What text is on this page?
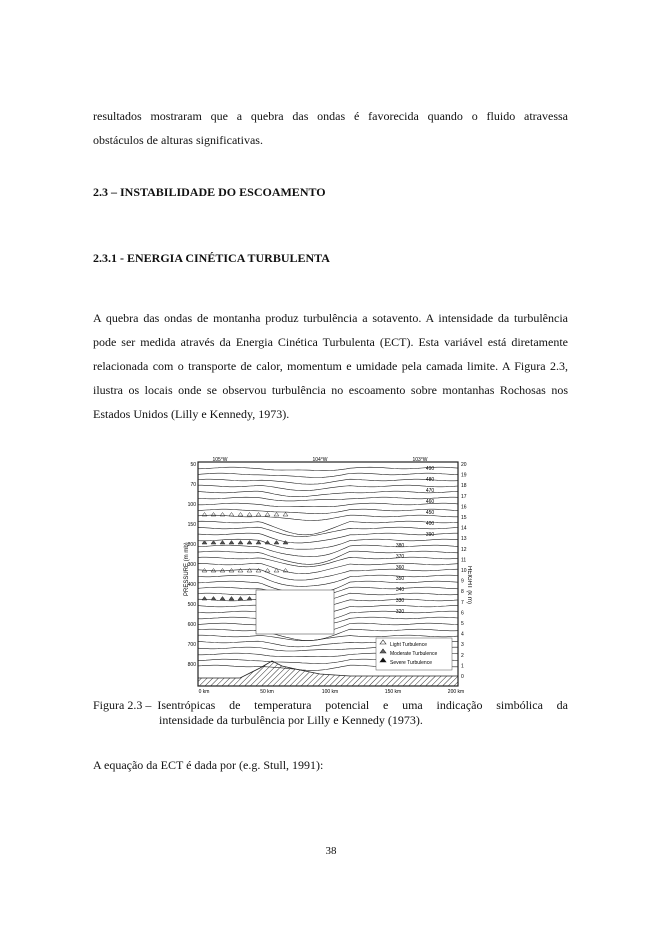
resultados mostraram que a quebra das ondas é favorecida quando o fluido atravessa
obstáculos de alturas significativas.

2.3 – INSTABILIDADE DO ESCOAMENTO

2.3.1 - ENERGIA CINÉTICA TURBULENTA

A quebra das ondas de montanha produz turbulência a sotavento. A intensidade da turbulência pode ser medida através da Energia Cinética Turbulenta (ECT). Esta variável está diretamente relacionada com o transporte de calor, momentum e umidade pela camada limite. A Figura 2.3, ilustra os locais onde se observou turbulência no escoamento sobre montanhas Rochosas nos Estados Unidos (Lilly e Kennedy, 1973).

PRESSURE (m mb)	HEIGHT (k m)
0 km	50 km	100 km	150 km	200 km
105°W	104°W	103°W
50
70
100
150
200
300
400
500
600
700
800
20
19
18
17
16
15
14
13
12
11
10
9
8
7
6
5
4
3
2
1
0
490
480
470
460
450
400
390
380
370
360
350
340
330
320
Light Turbulence
Moderate Turbulence
Severe Turbulence
Figura 2.3 – Isentrópicas de temperatura potencial e uma indicação simbólica da
intensidade da turbulência por Lilly e Kennedy (1973).

A equação da ECT é dada por (e.g. Stull, 1991):

38
